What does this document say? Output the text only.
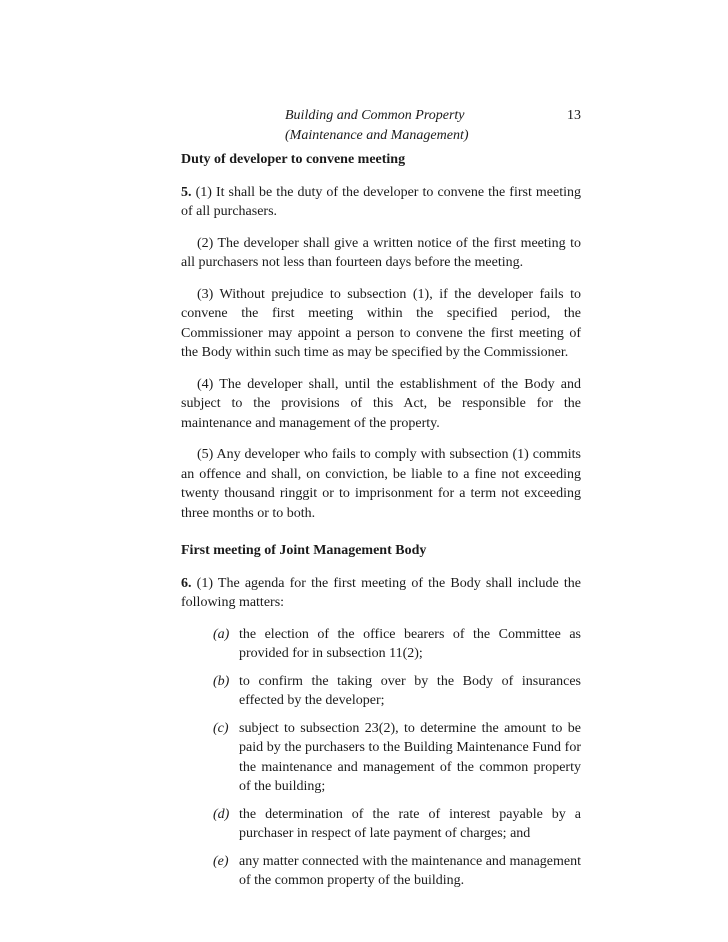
Building and Common Property
(Maintenance and Management)
13
Duty of developer to convene meeting

5. (1) It shall be the duty of the developer to convene the first meeting of all purchasers.

(2) The developer shall give a written notice of the first meeting to all purchasers not less than fourteen days before the meeting.

(3) Without prejudice to subsection (1), if the developer fails to convene the first meeting within the specified period, the Commissioner may appoint a person to convene the first meeting of the Body within such time as may be specified by the Commissioner.

(4) The developer shall, until the establishment of the Body and subject to the provisions of this Act, be responsible for the maintenance and management of the property.

(5) Any developer who fails to comply with subsection (1) commits an offence and shall, on conviction, be liable to a fine not exceeding twenty thousand ringgit or to imprisonment for a term not exceeding three months or to both.

First meeting of Joint Management Body

6. (1) The agenda for the first meeting of the Body shall include the following matters:

(a) the election of the office bearers of the Committee as provided for in subsection 11(2);
(b) to confirm the taking over by the Body of insurances effected by the developer;
(c) subject to subsection 23(2), to determine the amount to be paid by the purchasers to the Building Maintenance Fund for the maintenance and management of the common property of the building;
(d) the determination of the rate of interest payable by a purchaser in respect of late payment of charges; and
(e) any matter connected with the maintenance and management of the common property of the building.
